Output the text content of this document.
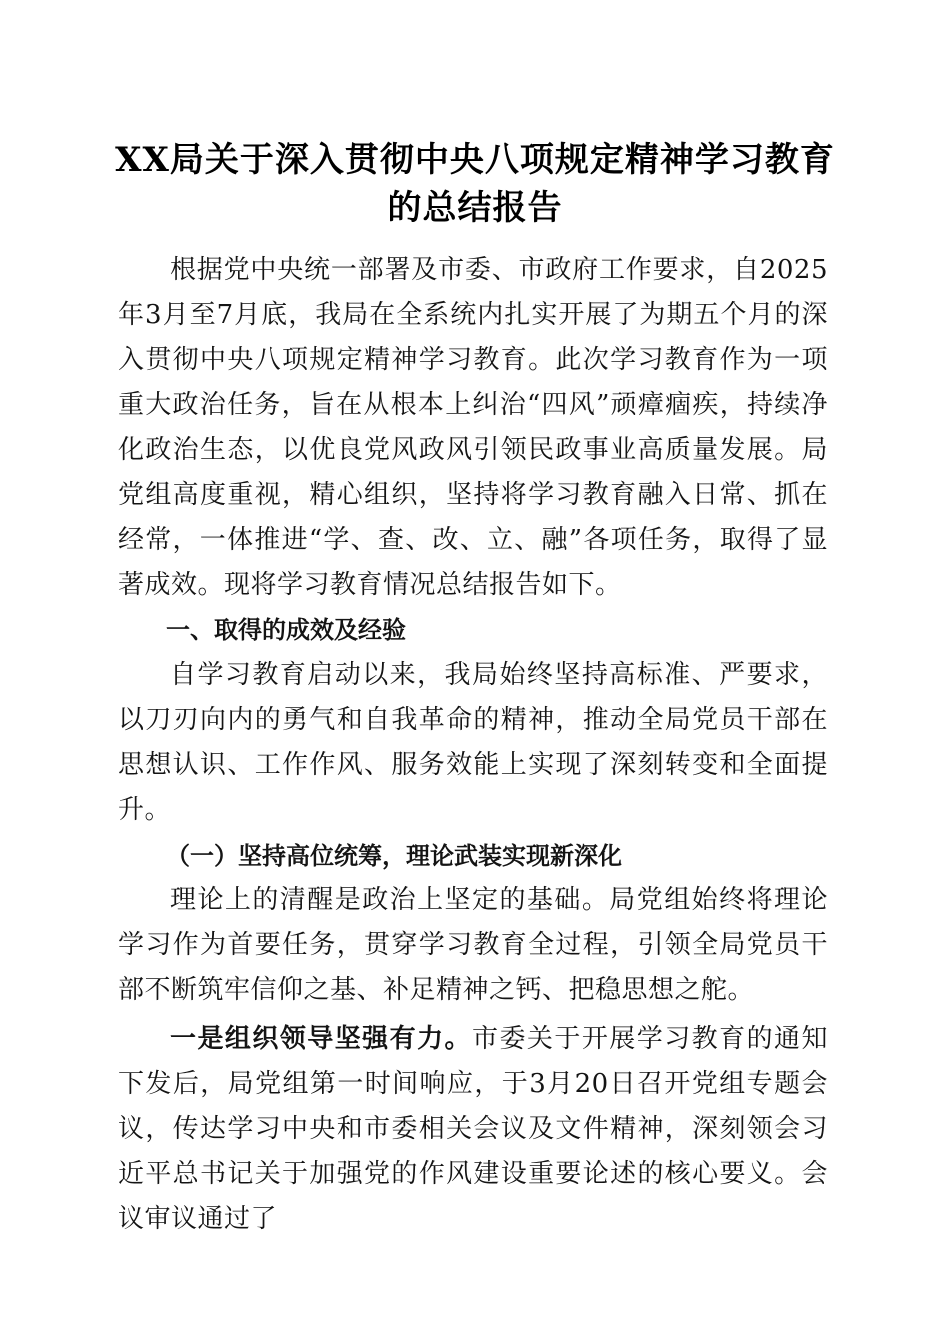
XX局关于深入贯彻中央八项规定精神学习教育的总结报告

根据党中央统一部署及市委、市政府工作要求，自2025年3月至7月底，我局在全系统内扎实开展了为期五个月的深入贯彻中央八项规定精神学习教育。此次学习教育作为一项重大政治任务，旨在从根本上纠治“四风”顽瘴痼疾，持续净化政治生态，以优良党风政风引领民政事业高质量发展。局党组高度重视，精心组织，坚持将学习教育融入日常、抓在经常，一体推进“学、查、改、立、融”各项任务，取得了显著成效。现将学习教育情况总结报告如下。

一、取得的成效及经验

自学习教育启动以来，我局始终坚持高标准、严要求，以刀刃向内的勇气和自我革命的精神，推动全局党员干部在思想认识、工作作风、服务效能上实现了深刻转变和全面提升。

（一）坚持高位统筹，理论武装实现新深化

理论上的清醒是政治上坚定的基础。局党组始终将理论学习作为首要任务，贯穿学习教育全过程，引领全局党员干部不断筑牢信仰之基、补足精神之钙、把稳思想之舵。

一是组织领导坚强有力。市委关于开展学习教育的通知下发后，局党组第一时间响应，于3月20日召开党组专题会议，传达学习中央和市委相关会议及文件精神，深刻领会习近平总书记关于加强党的作风建设重要论述的核心要义。会议审议通过了
